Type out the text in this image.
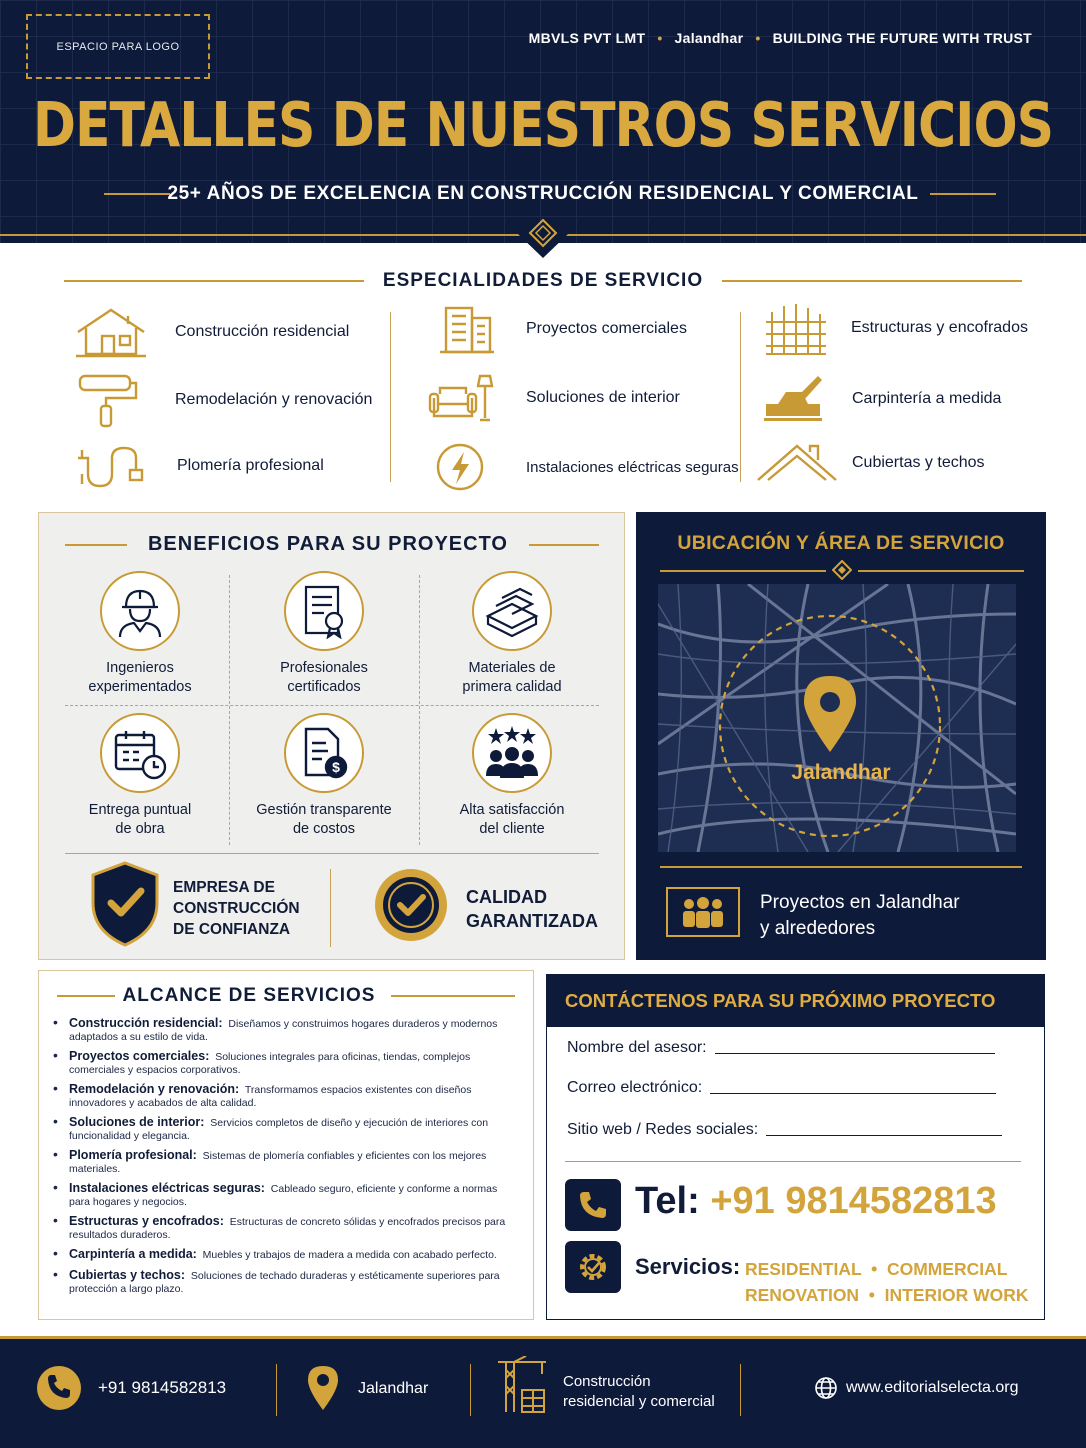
ESPACIO PARA LOGO
MBVLS PVT LMT • Jalandhar • BUILDING THE FUTURE WITH TRUST
DETALLES DE NUESTROS SERVICIOS
25+ AÑOS DE EXCELENCIA EN CONSTRUCCIÓN RESIDENCIAL Y COMERCIAL
ESPECIALIDADES DE SERVICIO
Construcción residencial
Remodelación y renovación
Plomería profesional
Proyectos comerciales
Soluciones de interior
Instalaciones eléctricas seguras
Estructuras y encofrados
Carpintería a medida
Cubiertas y techos
BENEFICIOS PARA SU PROYECTO
Ingenieros
experimentados
Profesionales
certificados
Materiales de
primera calidad
Entrega puntual
de obra
$
Gestión transparente
de costos
Alta satisfacción
del cliente
EMPRESA DE
CONSTRUCCIÓN
DE CONFIANZA
CALIDAD
GARANTIZADA
UBICACIÓN Y ÁREA DE SERVICIO
Jalandhar
Proyectos en Jalandhar
y alrededores
ALCANCE DE SERVICIOS
• Construcción residencial: Diseñamos y construimos hogares duraderos y modernos adaptados a su estilo de vida.
• Proyectos comerciales: Soluciones integrales para oficinas, tiendas, complejos comerciales y espacios corporativos.
• Remodelación y renovación: Transformamos espacios existentes con diseños innovadores y acabados de alta calidad.
• Soluciones de interior: Servicios completos de diseño y ejecución de interiores con funcionalidad y elegancia.
• Plomería profesional: Sistemas de plomería confiables y eficientes con los mejores materiales.
• Instalaciones eléctricas seguras: Cableado seguro, eficiente y conforme a normas para hogares y negocios.
• Estructuras y encofrados: Estructuras de concreto sólidas y encofrados precisos para resultados duraderos.
• Carpintería a medida: Muebles y trabajos de madera a medida con acabado perfecto.
• Cubiertas y techos: Soluciones de techado duraderas y estéticamente superiores para protección a largo plazo.
CONTÁCTENOS PARA SU PRÓXIMO PROYECTO
Nombre del asesor:
Correo electrónico:
Sitio web / Redes sociales:
Tel: +91 9814582813
Servicios: RESIDENTIAL  •  COMMERCIAL
RENOVATION  •  INTERIOR WORK
+91 9814582813	Jalandhar	Construcción
residencial y comercial
www.editorialselecta.org
